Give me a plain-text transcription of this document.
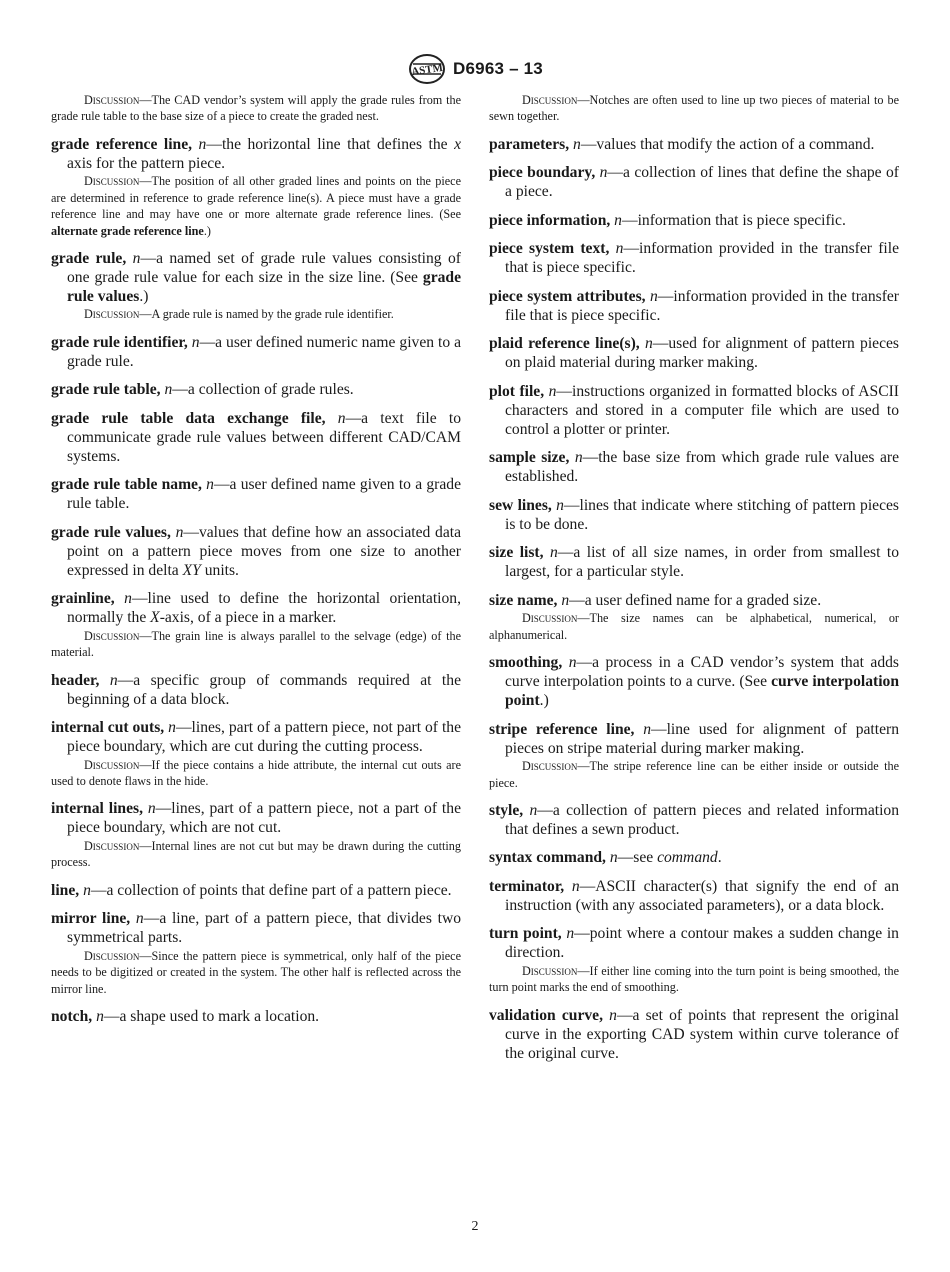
ASTM D6963 – 13
Discussion—The CAD vendor’s system will apply the grade rules from the grade rule table to the base size of a piece to create the graded nest.
grade reference line, n—the horizontal line that defines the x axis for the pattern piece.
Discussion—The position of all other graded lines and points on the piece are determined in reference to grade reference line(s). A piece must have a grade reference line and may have one or more alternate grade reference lines. (See alternate grade reference line.)
grade rule, n—a named set of grade rule values consisting of one grade rule value for each size in the size line. (See grade rule values.)
Discussion—A grade rule is named by the grade rule identifier.
grade rule identifier, n—a user defined numeric name given to a grade rule.
grade rule table, n—a collection of grade rules.
grade rule table data exchange file, n—a text file to communicate grade rule values between different CAD/CAM systems.
grade rule table name, n—a user defined name given to a grade rule table.
grade rule values, n—values that define how an associated data point on a pattern piece moves from one size to another expressed in delta XY units.
grainline, n—line used to define the horizontal orientation, normally the X-axis, of a piece in a marker.
Discussion—The grain line is always parallel to the selvage (edge) of the material.
header, n—a specific group of commands required at the beginning of a data block.
internal cut outs, n—lines, part of a pattern piece, not part of the piece boundary, which are cut during the cutting process.
Discussion—If the piece contains a hide attribute, the internal cut outs are used to denote flaws in the hide.
internal lines, n—lines, part of a pattern piece, not a part of the piece boundary, which are not cut.
Discussion—Internal lines are not cut but may be drawn during the cutting process.
line, n—a collection of points that define part of a pattern piece.
mirror line, n—a line, part of a pattern piece, that divides two symmetrical parts.
Discussion—Since the pattern piece is symmetrical, only half of the piece needs to be digitized or created in the system. The other half is reflected across the mirror line.
notch, n—a shape used to mark a location.
Discussion—Notches are often used to line up two pieces of material to be sewn together.
parameters, n—values that modify the action of a command.
piece boundary, n—a collection of lines that define the shape of a piece.
piece information, n—information that is piece specific.
piece system text, n—information provided in the transfer file that is piece specific.
piece system attributes, n—information provided in the transfer file that is piece specific.
plaid reference line(s), n—used for alignment of pattern pieces on plaid material during marker making.
plot file, n—instructions organized in formatted blocks of ASCII characters and stored in a computer file which are used to control a plotter or printer.
sample size, n—the base size from which grade rule values are established.
sew lines, n—lines that indicate where stitching of pattern pieces is to be done.
size list, n—a list of all size names, in order from smallest to largest, for a particular style.
size name, n—a user defined name for a graded size.
Discussion—The size names can be alphabetical, numerical, or alphanumerical.
smoothing, n—a process in a CAD vendor’s system that adds curve interpolation points to a curve. (See curve interpolation point.)
stripe reference line, n—line used for alignment of pattern pieces on stripe material during marker making.
Discussion—The stripe reference line can be either inside or outside the piece.
style, n—a collection of pattern pieces and related information that defines a sewn product.
syntax command, n—see command.
terminator, n—ASCII character(s) that signify the end of an instruction (with any associated parameters), or a data block.
turn point, n—point where a contour makes a sudden change in direction.
Discussion—If either line coming into the turn point is being smoothed, the turn point marks the end of smoothing.
validation curve, n—a set of points that represent the original curve in the exporting CAD system within curve tolerance of the original curve.
2
